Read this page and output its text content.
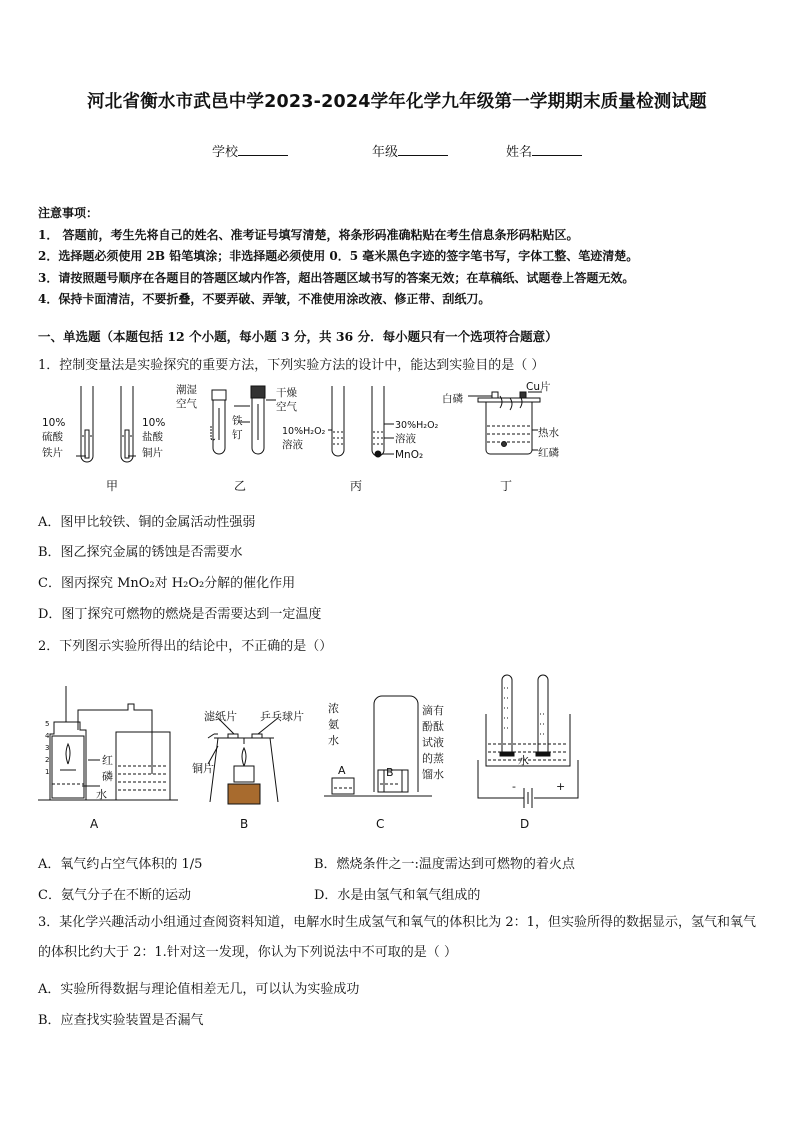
河北省衡水市武邑中学2023-2024学年化学九年级第一学期期末质量检测试题
学校	年级	姓名
注意事项：
1． 答题前，考生先将自己的姓名、准考证号填写清楚，将条形码准确粘贴在考生信息条形码粘贴区。
2．选择题必须使用 2B 铅笔填涂；非选择题必须使用 0．5 毫米黑色字迹的签字笔书写，字体工整、笔迹清楚。
3．请按照题号顺序在各题目的答题区域内作答，超出答题区域书写的答案无效；在草稿纸、试题卷上答题无效。
4．保持卡面清洁，不要折叠，不要弄破、弄皱，不准使用涂改液、修正带、刮纸刀。
一、单选题（本题包括 12 个小题，每小题 3 分，共 36 分．每小题只有一个选项符合题意）
1．控制变量法是实验探究的重要方法，下列实验方法的设计中，能达到实验目的是（ ）
10%
硫酸
铁片
10%
盐酸
铜片
甲
潮湿
空气
铁
钉
干燥
空气
乙
10%H₂O₂
溶液
30%H₂O₂
溶液
MnO₂
丙
白磷
Cu片
热水
红磷
丁
A．图甲比较铁、铜的金属活动性强弱
B．图乙探究金属的锈蚀是否需要水
C．图丙探究 MnO₂对 H₂O₂分解的催化作用
D．图丁探究可燃物的燃烧是否需要达到一定温度
2．下列图示实验所得出的结论中，不正确的是（）
5
4
3
2
1
红
磷
水
A
滤纸片 乒乓球片
铜片
B
浓
氨
水
滴有
酚酞
试液
的蒸
馏水
B
A
C
水
-	+
D
A．氧气约占空气体积的 1/5	B．燃烧条件之一:温度需达到可燃物的着火点
C．氨气分子在不断的运动	D．水是由氢气和氧气组成的
3．某化学兴趣活动小组通过查阅资料知道，电解水时生成氢气和氧气的体积比为 2：1，但实验所得的数据显示，氢气和氧气的体积比约大于 2：1.针对这一发现，你认为下列说法中不可取的是（ ）
A．实验所得数据与理论值相差无几，可以认为实验成功
B．应查找实验装置是否漏气
